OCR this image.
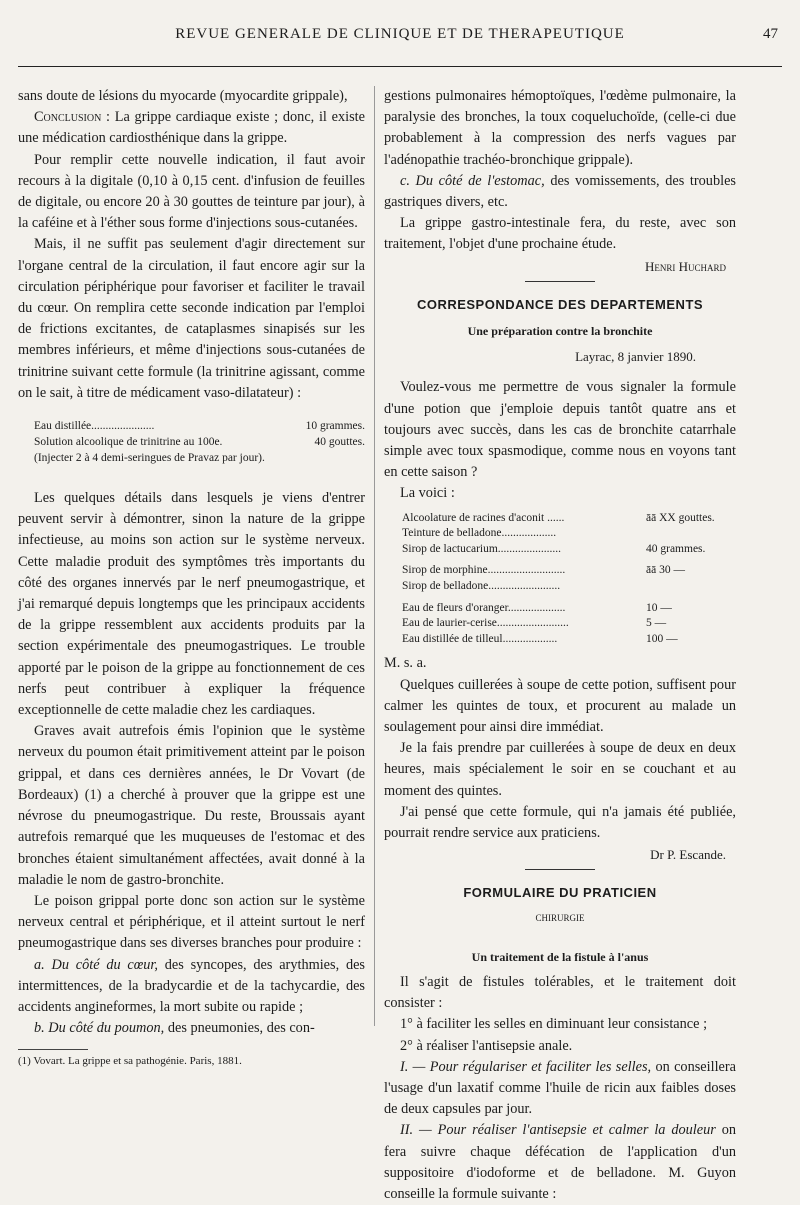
REVUE GENERALE DE CLINIQUE ET DE THERAPEUTIQUE	47

sans doute de lésions du myocarde (myocardite grippale),

Conclusion : La grippe cardiaque existe ; donc, il existe une médication cardiosthénique dans la grippe.

Pour remplir cette nouvelle indication, il faut avoir recours à la digitale (0,10 à 0,15 cent. d'infusion de feuilles de digitale, ou encore 20 à 30 gouttes de teinture par jour), à la caféine et à l'éther sous forme d'injections sous-cutanées.

Mais, il ne suffit pas seulement d'agir directement sur l'organe central de la circulation, il faut encore agir sur la circulation périphérique pour favoriser et faciliter le travail du cœur. On remplira cette seconde indication par l'emploi de frictions excitantes, de cataplasmes sinapisés sur les membres inférieurs, et même d'injections sous-cutanées de trinitrine suivant cette formule (la trinitrine agissant, comme on le sait, à titre de médicament vaso-dilatateur) :

Eau distillée......................	10 grammes.
Solution alcoolique de trinitrine au 100e.	40 gouttes.
(Injecter 2 à 4 demi-seringues de Pravaz par jour).

Les quelques détails dans lesquels je viens d'entrer peuvent servir à démontrer, sinon la nature de la grippe infectieuse, au moins son action sur le système nerveux. Cette maladie produit des symptômes très importants du côté des organes innervés par le nerf pneumogastrique, et j'ai remarqué depuis longtemps que les principaux accidents de la grippe ressemblent aux accidents produits par la section expérimentale des pneumogastriques. Le trouble apporté par le poison de la grippe au fonctionnement de ces nerfs peut contribuer à expliquer la fréquence exceptionnelle de cette maladie chez les cardiaques.

Graves avait autrefois émis l'opinion que le système nerveux du poumon était primitivement atteint par le poison grippal, et dans ces dernières années, le Dr Vovart (de Bordeaux) (1) a cherché à prouver que la grippe est une névrose du pneumogastrique. Du reste, Broussais ayant autrefois remarqué que les muqueuses de l'estomac et des bronches étaient simultanément affectées, avait donné à la maladie le nom de gastro-bronchite.

Le poison grippal porte donc son action sur le système nerveux central et périphérique, et il atteint surtout le nerf pneumogastrique dans ses diverses branches pour produire :

a. Du côté du cœur, des syncopes, des arythmies, des intermittences, de la bradycardie et de la tachycardie, des accidents angineformes, la mort subite ou rapide ;

b. Du côté du poumon, des pneumonies, des con-

(1) Vovart. La grippe et sa pathogénie. Paris, 1881.

gestions pulmonaires hémoptoïques, l'œdème pulmonaire, la paralysie des bronches, la toux coqueluchoïde, (celle-ci due probablement à la compression des nerfs vagues par l'adénopathie trachéo-bronchique grippale).

c. Du côté de l'estomac, des vomissements, des troubles gastriques divers, etc.

La grippe gastro-intestinale fera, du reste, avec son traitement, l'objet d'une prochaine étude.

Henri Huchard
CORRESPONDANCE DES DEPARTEMENTS
Une préparation contre la bronchite
Layrac, 8 janvier 1890.

Voulez-vous me permettre de vous signaler la formule d'une potion que j'emploie depuis tantôt quatre ans et toujours avec succès, dans les cas de bronchite catarrhale simple avec toux spasmodique, comme nous en voyons tant en cette saison ?

La voici :

Alcoolature de racines d'aconit ......	āā XX gouttes.
Teinture de belladone...................
Sirop de lactucarium......................	40 grammes.
Sirop de morphine...........................	āā 30 —
Sirop de belladone.........................
Eau de fleurs d'oranger....................	10 —
Eau de laurier-cerise.........................	5 —
Eau distillée de tilleul...................	100 —

M. s. a.

Quelques cuillerées à soupe de cette potion, suffisent pour calmer les quintes de toux, et procurent au malade un soulagement pour ainsi dire immédiat.

Je la fais prendre par cuillerées à soupe de deux en deux heures, mais spécialement le soir en se couchant et au moment des quintes.

J'ai pensé que cette formule, qui n'a jamais été publiée, pourrait rendre service aux praticiens.

Dr P. Escande.
FORMULAIRE DU PRATICIEN
CHIRURGIE
Un traitement de la fistule à l'anus

Il s'agit de fistules tolérables, et le traitement doit consister :

1° à faciliter les selles en diminuant leur consistance ;

2° à réaliser l'antisepsie anale.

I. — Pour régulariser et faciliter les selles, on conseillera l'usage d'un laxatif comme l'huile de ricin aux faibles doses de deux capsules par jour.

II. — Pour réaliser l'antisepsie et calmer la douleur on fera suivre chaque défécation de l'application d'un suppositoire d'iodoforme et de belladone. M. Guyon conseille la formule suivante :
